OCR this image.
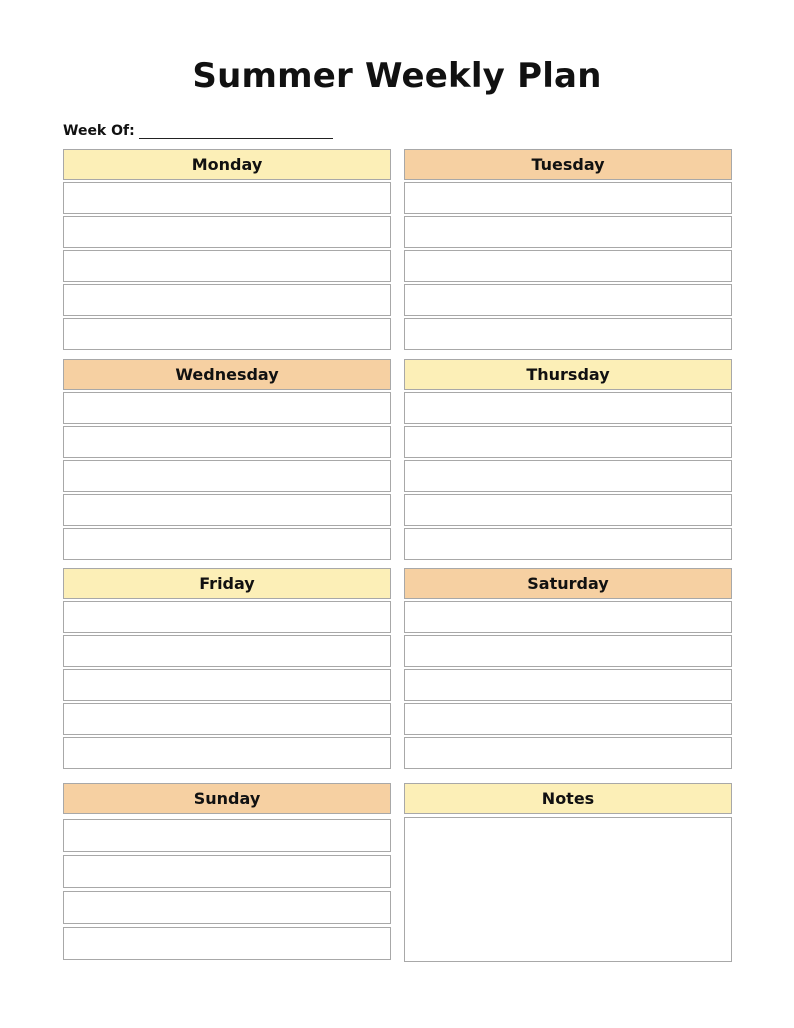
Summer Weekly Plan
Week Of:
Monday	Tuesday
Wednesday	Thursday
Friday	Saturday
Sunday	Notes
